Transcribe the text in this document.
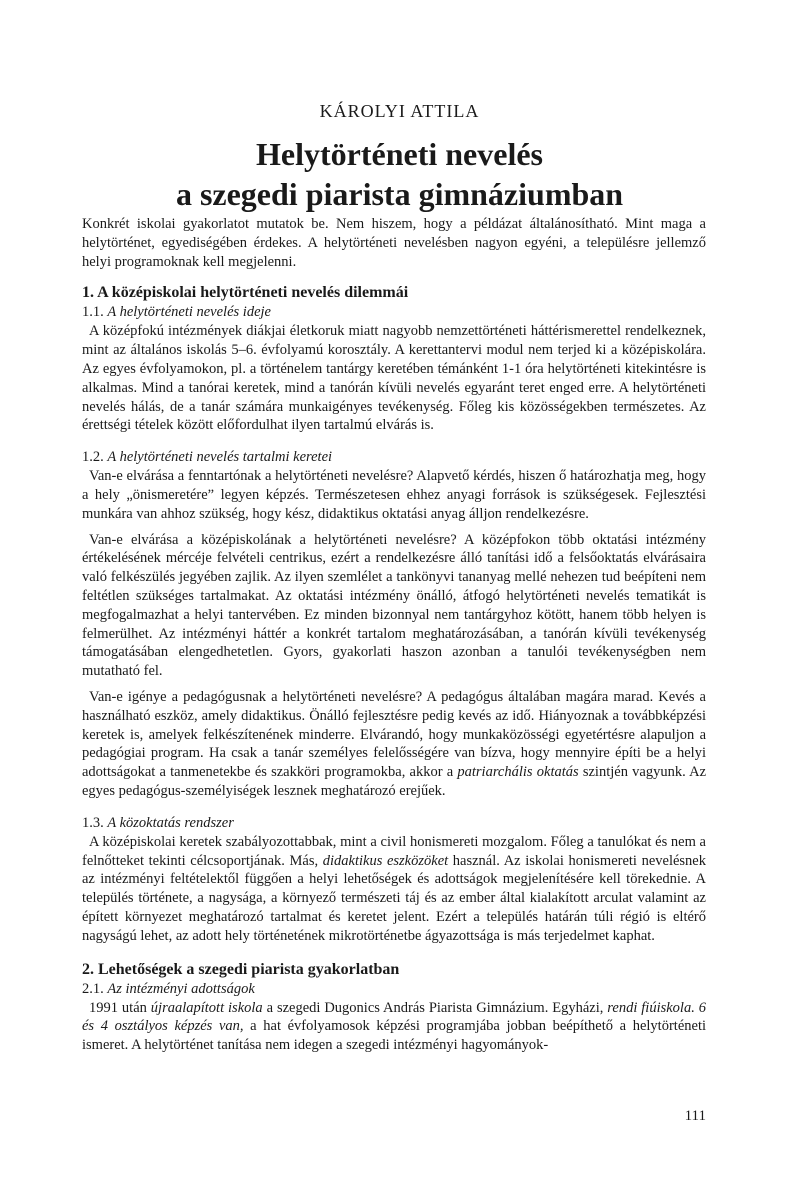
KÁROLYI ATTILA
Helytörténeti nevelés
a szegedi piarista gimnáziumban

Konkrét iskolai gyakorlatot mutatok be. Nem hiszem, hogy a példázat általánosítható. Mint maga a helytörténet, egyediségében érdekes. A helytörténeti nevelésben nagyon egyéni, a településre jellemző helyi programoknak kell megjelenni.

1. A középiskolai helytörténeti nevelés dilemmái

1.1. A helytörténeti nevelés ideje

A középfokú intézmények diákjai életkoruk miatt nagyobb nemzettörténeti háttérismerettel rendelkeznek, mint az általános iskolás 5–6. évfolyamú korosztály. A kerettantervi modul nem terjed ki a középiskolára. Az egyes évfolyamokon, pl. a történelem tantárgy keretében témánként 1-1 óra helytörténeti kitekintésre is alkalmas. Mind a tanórai keretek, mind a tanórán kívüli nevelés egyaránt teret enged erre. A helytörténeti nevelés hálás, de a tanár számára munkaigényes tevékenység. Főleg kis közösségekben természetes. Az érettségi tételek között előfordulhat ilyen tartalmú elvárás is.

1.2. A helytörténeti nevelés tartalmi keretei

Van-e elvárása a fenntartónak a helytörténeti nevelésre? Alapvető kérdés, hiszen ő határozhatja meg, hogy a hely „önismeretére” legyen képzés. Természetesen ehhez anyagi források is szükségesek. Fejlesztési munkára van ahhoz szükség, hogy kész, didaktikus oktatási anyag álljon rendelkezésre.

Van-e elvárása a középiskolának a helytörténeti nevelésre? A középfokon több oktatási intézmény értékelésének mércéje felvételi centrikus, ezért a rendelkezésre álló tanítási idő a felsőoktatás elvárásaira való felkészülés jegyében zajlik. Az ilyen szemlélet a tankönyvi tananyag mellé nehezen tud beépíteni nem feltétlen szükséges tartalmakat. Az oktatási intézmény önálló, átfogó helytörténeti nevelés tematikát is megfogalmazhat a helyi tantervében. Ez minden bizonnyal nem tantárgyhoz kötött, hanem több helyen is felmerülhet. Az intézményi háttér a konkrét tartalom meghatározásában, a tanórán kívüli tevékenység támogatásában elengedhetetlen. Gyors, gyakorlati haszon azonban a tanulói tevékenységben nem mutatható fel.

Van-e igénye a pedagógusnak a helytörténeti nevelésre? A pedagógus általában magára marad. Kevés a használható eszköz, amely didaktikus. Önálló fejlesztésre pedig kevés az idő. Hiányoznak a továbbképzési keretek is, amelyek felkészítenének minderre. Elvárandó, hogy munkaközösségi egyetértésre alapuljon a pedagógiai program. Ha csak a tanár személyes felelősségére van bízva, hogy mennyire építi be a helyi adottságokat a tanmenetekbe és szakköri programokba, akkor a patriarchális oktatás szintjén vagyunk. Az egyes pedagógus-személyiségek lesznek meghatározó erejűek.

1.3. A közoktatás rendszer

A középiskolai keretek szabályozottabbak, mint a civil honismereti mozgalom. Főleg a tanulókat és nem a felnőtteket tekinti célcsoportjának. Más, didaktikus eszközöket használ. Az iskolai honismereti nevelésnek az intézményi feltételektől függően a helyi lehetőségek és adottságok megjelenítésére kell törekednie. A település története, a nagysága, a környező természeti táj és az ember által kialakított arculat valamint az épített környezet meghatározó tartalmat és keretet jelent. Ezért a település határán túli régió is eltérő nagyságú lehet, az adott hely történetének mikrotörténetbe ágyazottsága is más terjedelmet kaphat.

2. Lehetőségek a szegedi piarista gyakorlatban

2.1. Az intézményi adottságok

1991 után újraalapított iskola a szegedi Dugonics András Piarista Gimnázium. Egyházi, rendi fiúiskola. 6 és 4 osztályos képzés van, a hat évfolyamosok képzési programjába jobban beépíthető a helytörténeti ismeret. A helytörténet tanítása nem idegen a szegedi intézményi hagyományok-

111
